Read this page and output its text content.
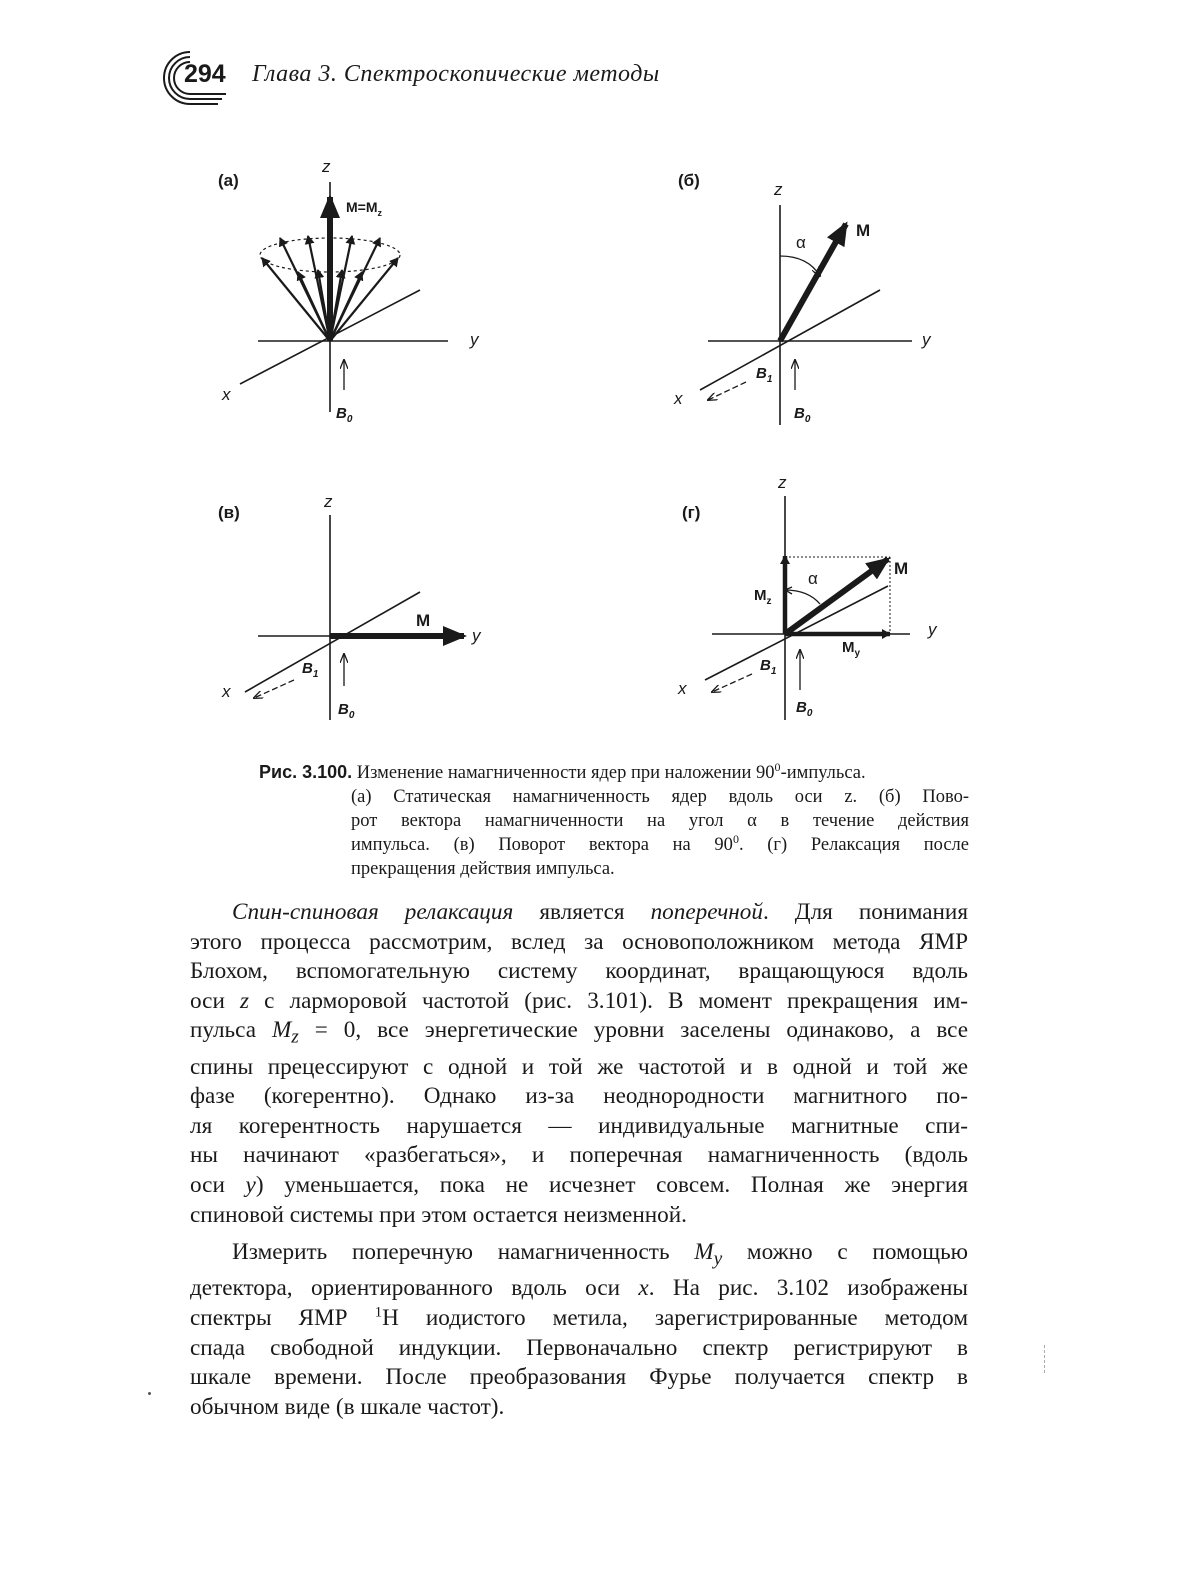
294 Глава 3. Спектроскопические методы
(а)
z
y
x
$M=M_z$
$B_0$
(б)	z
y
x
M
α
$B_1$
$B_0$
(в)
z
y
x
M
$B_1$
$B_0$
(г)
z
y
x
M
α
$M_z$
$M_y$
$B_1$
$B_0$
Рис. 3.100. Изменение намагниченности ядер при наложении $90^0$-импульса.
(а) Статическая намагниченность ядер вдоль оси z. (б) Пово-
рот вектора намагниченности на угол α в течение действия
импульса. (в) Поворот вектора на $90^0$. (г) Релаксация после
прекращения действия импульса.
Спин-спиновая релаксация является поперечной. Для понимания
этого процесса рассмотрим, вслед за основоположником метода ЯМР
Блохом, вспомогательную систему координат, вращающуюся вдоль
оси z с ларморовой частотой (рис. 3.101). В момент прекращения им-
пульса $M_z = 0$, все энергетические уровни заселены одинаково, а все
спины прецессируют с одной и той же частотой и в одной и той же
фазе (когерентно). Однако из-за неоднородности магнитного по-
ля когерентность нарушается — индивидуальные магнитные спи-
ны начинают «разбегаться», и поперечная намагниченность (вдоль
оси y) уменьшается, пока не исчезнет совсем. Полная же энергия
спиновой системы при этом остается неизменной.
Измерить поперечную намагниченность $M_y$ можно с помощью
детектора, ориентированного вдоль оси x. На рис. 3.102 изображены
спектры ЯМР $^1$H иодистого метила, зарегистрированные методом
спада свободной индукции. Первоначально спектр регистрируют в
шкале времени. После преобразования Фурье получается спектр в
обычном виде (в шкале частот).
